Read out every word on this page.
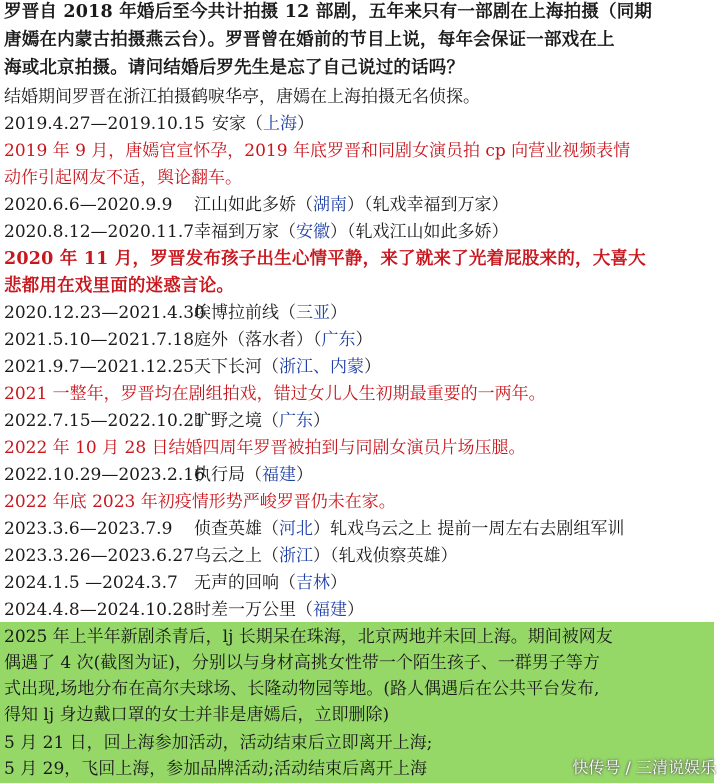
罗晋自 2018 年婚后至今共计拍摄 12 部剧，五年来只有一部剧在上海拍摄（同期
唐嫣在内蒙古拍摄燕云台）。罗晋曾在婚前的节目上说，每年会保证一部戏在上
海或北京拍摄。请问结婚后罗先生是忘了自己说过的话吗？
结婚期间罗晋在浙江拍摄鹤唳华亭，唐嫣在上海拍摄无名侦探。
2019.4.27—2019.10.15 安家（上海）
2019 年 9 月，唐嫣官宣怀孕，2019 年底罗晋和同剧女演员拍 cp 向营业视频表情
动作引起网友不适，舆论翻车。
2020.6.6—2020.9.9 江山如此多娇（湖南）（轧戏幸福到万家）
2020.8.12—2020.11.7幸福到万家（安徽）（轧戏江山如此多娇）
2020 年 11 月，罗晋发布孩子出生心情平静，来了就来了光着屁股来的，大喜大
悲都用在戏里面的迷惑言论。
2020.12.23—2021.4.30埃博拉前线（三亚）
2021.5.10—2021.7.18庭外（落水者）（广东）
2021.9.7—2021.12.25天下长河（浙江、内蒙）
2021 一整年，罗晋均在剧组拍戏，错过女儿人生初期最重要的一两年。
2022.7.15—2022.10.21旷野之境（广东）
2022 年 10 月 28 日结婚四周年罗晋被拍到与同剧女演员片场压腿。
2022.10.29—2023.2.16执行局（福建）
2022 年底 2023 年初疫情形势严峻罗晋仍未在家。
2023.3.6—2023.7.9 侦查英雄（河北）轧戏乌云之上 提前一周左右去剧组军训
2023.3.26—2023.6.27乌云之上（浙江）（轧戏侦察英雄）
2024.1.5 —2024.3.7 无声的回响（吉林）
2024.4.8—2024.10.28时差一万公里（福建）
2025 年上半年新剧杀青后，lj 长期呆在珠海，北京两地并未回上海。期间被网友
偶遇了 4 次(截图为证)，分别以与身材高挑女性带一个陌生孩子、一群男子等方
式出现,场地分布在高尔夫球场、长隆动物园等地。(路人偶遇后在公共平台发布,
得知 lj 身边戴口罩的女士并非是唐嫣后，立即删除)
5 月 21 日，回上海参加活动，活动结束后立即离开上海;
5 月 29，飞回上海，参加品牌活动;活动结束后离开上海	快传号 / 三清说娱乐
